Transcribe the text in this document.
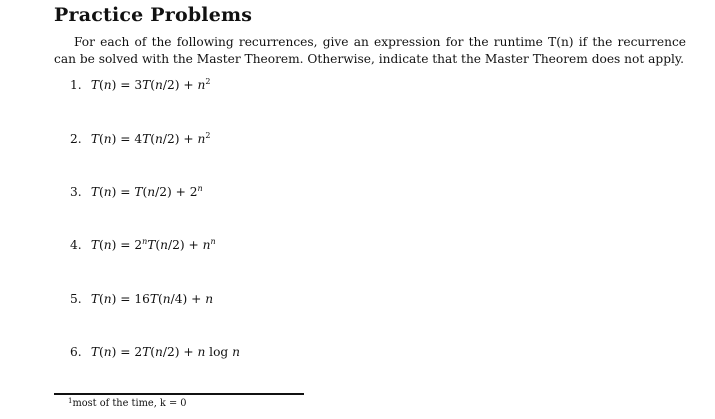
Practice Problems
For each of the following recurrences, give an expression for the runtime T(n) if the recurrence can be solved with the Master Theorem. Otherwise, indicate that the Master Theorem does not apply.
1. $T(n) = 3T(n/2) + n^2$
2. $T(n) = 4T(n/2) + n^2$
3. $T(n) = T(n/2) + 2^n$
4. $T(n) = 2^nT(n/2) + n^n$
5. T(n) = 16T(n/4) + n
6. T(n) = 2T(n/2) + n log n
$^1$most of the time, k = 0
